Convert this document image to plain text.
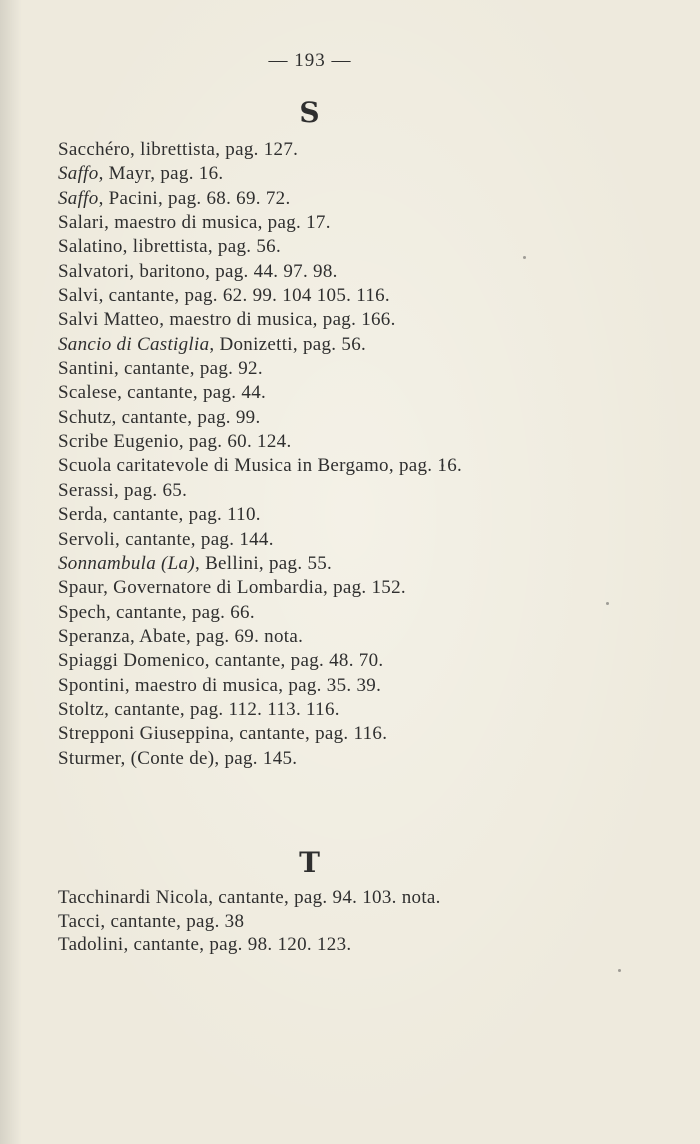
— 193 —
S
Sacchéro, librettista, pag. 127.
Saffo, Mayr, pag. 16.
Saffo, Pacini, pag. 68. 69. 72.
Salari, maestro di musica, pag. 17.
Salatino, librettista, pag. 56.
Salvatori, baritono, pag. 44. 97. 98.
Salvi, cantante, pag. 62. 99. 104 105. 116.
Salvi Matteo, maestro di musica, pag. 166.
Sancio di Castiglia, Donizetti, pag. 56.
Santini, cantante, pag. 92.
Scalese, cantante, pag. 44.
Schutz, cantante, pag. 99.
Scribe Eugenio, pag. 60. 124.
Scuola caritatevole di Musica in Bergamo, pag. 16.
Serassi, pag. 65.
Serda, cantante, pag. 110.
Servoli, cantante, pag. 144.
Sonnambula (La), Bellini, pag. 55.
Spaur, Governatore di Lombardia, pag. 152.
Spech, cantante, pag. 66.
Speranza, Abate, pag. 69. nota.
Spiaggi Domenico, cantante, pag. 48. 70.
Spontini, maestro di musica, pag. 35. 39.
Stoltz, cantante, pag. 112. 113. 116.
Strepponi Giuseppina, cantante, pag. 116.
Sturmer, (Conte de), pag. 145.
T
Tacchinardi Nicola, cantante, pag. 94. 103. nota.
Tacci, cantante, pag. 38
Tadolini, cantante, pag. 98. 120. 123.
